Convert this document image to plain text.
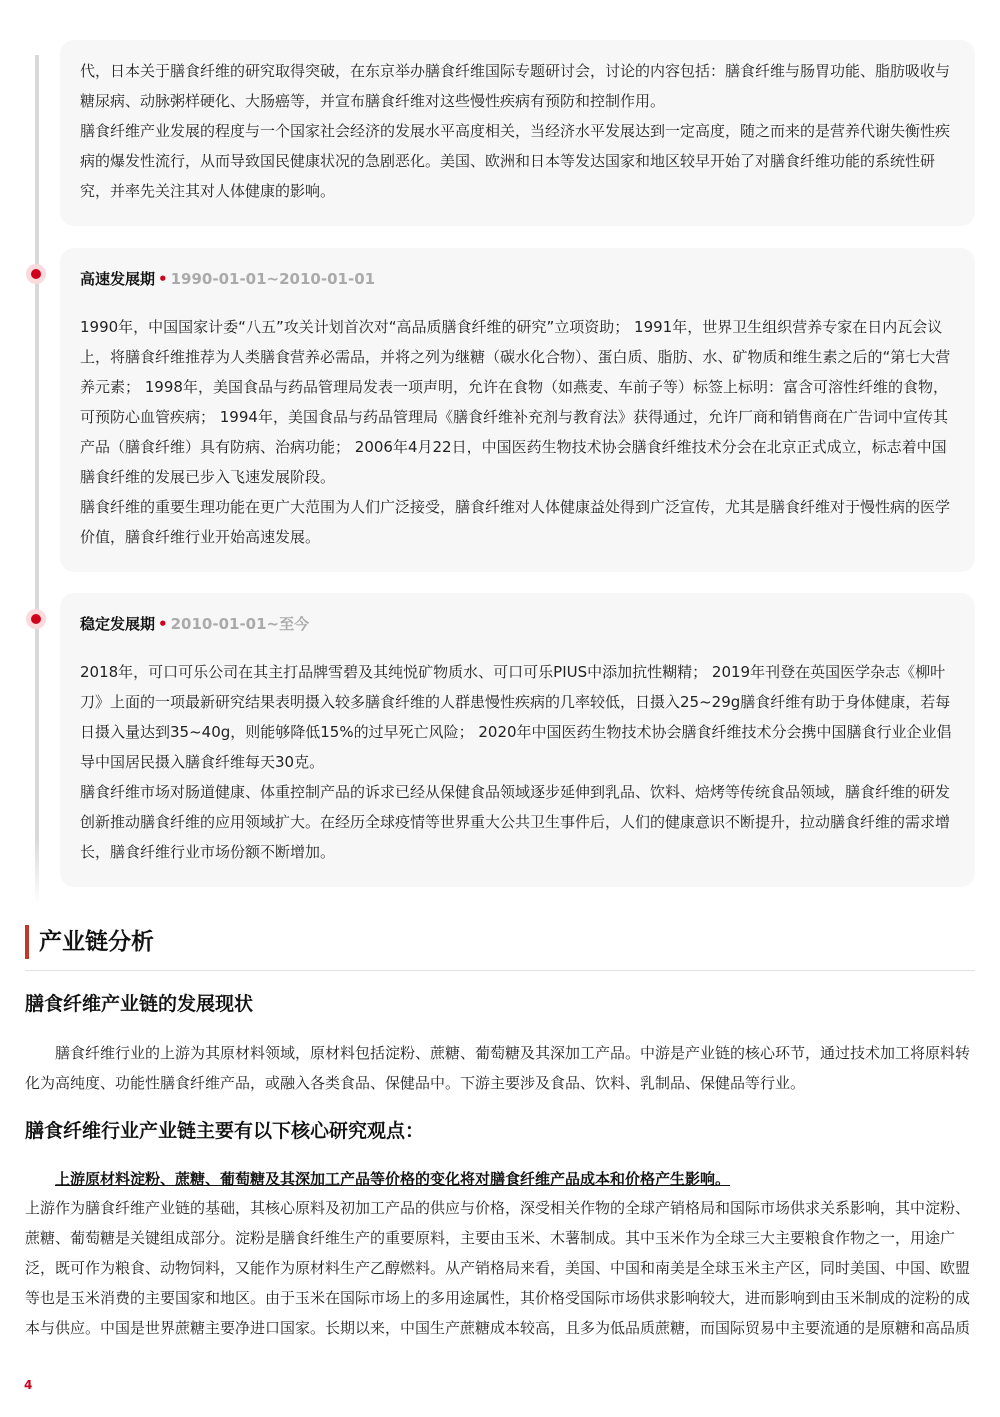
代，日本关于膳食纤维的研究取得突破，在东京举办膳食纤维国际专题研讨会，讨论的内容包括：膳食纤维与肠胃功能、脂肪吸收与糖尿病、动脉粥样硬化、大肠癌等，并宣布膳食纤维对这些慢性疾病有预防和控制作用。

膳食纤维产业发展的程度与一个国家社会经济的发展水平高度相关，当经济水平发展达到一定高度，随之而来的是营养代谢失衡性疾病的爆发性流行，从而导致国民健康状况的急剧恶化。美国、欧洲和日本等发达国家和地区较早开始了对膳食纤维功能的系统性研究，并率先关注其对人体健康的影响。

高速发展期 • 1990-01-01~2010-01-01

1990年，中国国家计委“八五”攻关计划首次对“高品质膳食纤维的研究”立项资助； 1991年，世界卫生组织营养专家在日内瓦会议上，将膳食纤维推荐为人类膳食营养必需品，并将之列为继糖（碳水化合物）、蛋白质、脂肪、水、矿物质和维生素之后的“第七大营养元素； 1998年，美国食品与药品管理局发表一项声明，允许在食物（如燕麦、车前子等）标签上标明：富含可溶性纤维的食物，可预防心血管疾病； 1994年，美国食品与药品管理局《膳食纤维补充剂与教育法》获得通过，允许厂商和销售商在广告词中宣传其产品（膳食纤维）具有防病、治病功能； 2006年4月22日，中国医药生物技术协会膳食纤维技术分会在北京正式成立，标志着中国膳食纤维的发展已步入飞速发展阶段。

膳食纤维的重要生理功能在更广大范围为人们广泛接受，膳食纤维对人体健康益处得到广泛宣传，尤其是膳食纤维对于慢性病的医学价值，膳食纤维行业开始高速发展。

稳定发展期 • 2010-01-01~至今

2018年，可口可乐公司在其主打品牌雪碧及其纯悦矿物质水、可口可乐PIUS中添加抗性糊精； 2019年刊登在英国医学杂志《柳叶刀》上面的一项最新研究结果表明摄入较多膳食纤维的人群患慢性疾病的几率较低，日摄入25~29g膳食纤维有助于身体健康，若每日摄入量达到35~40g，则能够降低15%的过早死亡风险； 2020年中国医药生物技术协会膳食纤维技术分会携中国膳食行业企业倡导中国居民摄入膳食纤维每天30克。

膳食纤维市场对肠道健康、体重控制产品的诉求已经从保健食品领域逐步延伸到乳品、饮料、焙烤等传统食品领域，膳食纤维的研发创新推动膳食纤维的应用领域扩大。在经历全球疫情等世界重大公共卫生事件后，人们的健康意识不断提升，拉动膳食纤维的需求增长，膳食纤维行业市场份额不断增加。

产业链分析
膳食纤维产业链的发展现状

膳食纤维行业的上游为其原材料领域，原材料包括淀粉、蔗糖、葡萄糖及其深加工产品。中游是产业链的核心环节，通过技术加工将原料转化为高纯度、功能性膳食纤维产品，或融入各类食品、保健品中。下游主要涉及食品、饮料、乳制品、保健品等行业。

膳食纤维行业产业链主要有以下核心研究观点：
上游原材料淀粉、蔗糖、葡萄糖及其深加工产品等价格的变化将对膳食纤维产品成本和价格产生影响。

上游作为膳食纤维产业链的基础，其核心原料及初加工产品的供应与价格，深受相关作物的全球产销格局和国际市场供求关系影响，其中淀粉、蔗糖、葡萄糖是关键组成部分。淀粉是膳食纤维生产的重要原料，主要由玉米、木薯制成。其中玉米作为全球三大主要粮食作物之一，用途广泛，既可作为粮食、动物饲料，又能作为原材料生产乙醇燃料。从产销格局来看，美国、中国和南美是全球玉米主产区，同时美国、中国、欧盟等也是玉米消费的主要国家和地区。由于玉米在国际市场上的多用途属性，其价格受国际市场供求影响较大，进而影响到由玉米制成的淀粉的成本与供应。中国是世界蔗糖主要净进口国家。长期以来，中国生产蔗糖成本较高，且多为低品质蔗糖，而国际贸易中主要流通的是原糖和高品质

4
